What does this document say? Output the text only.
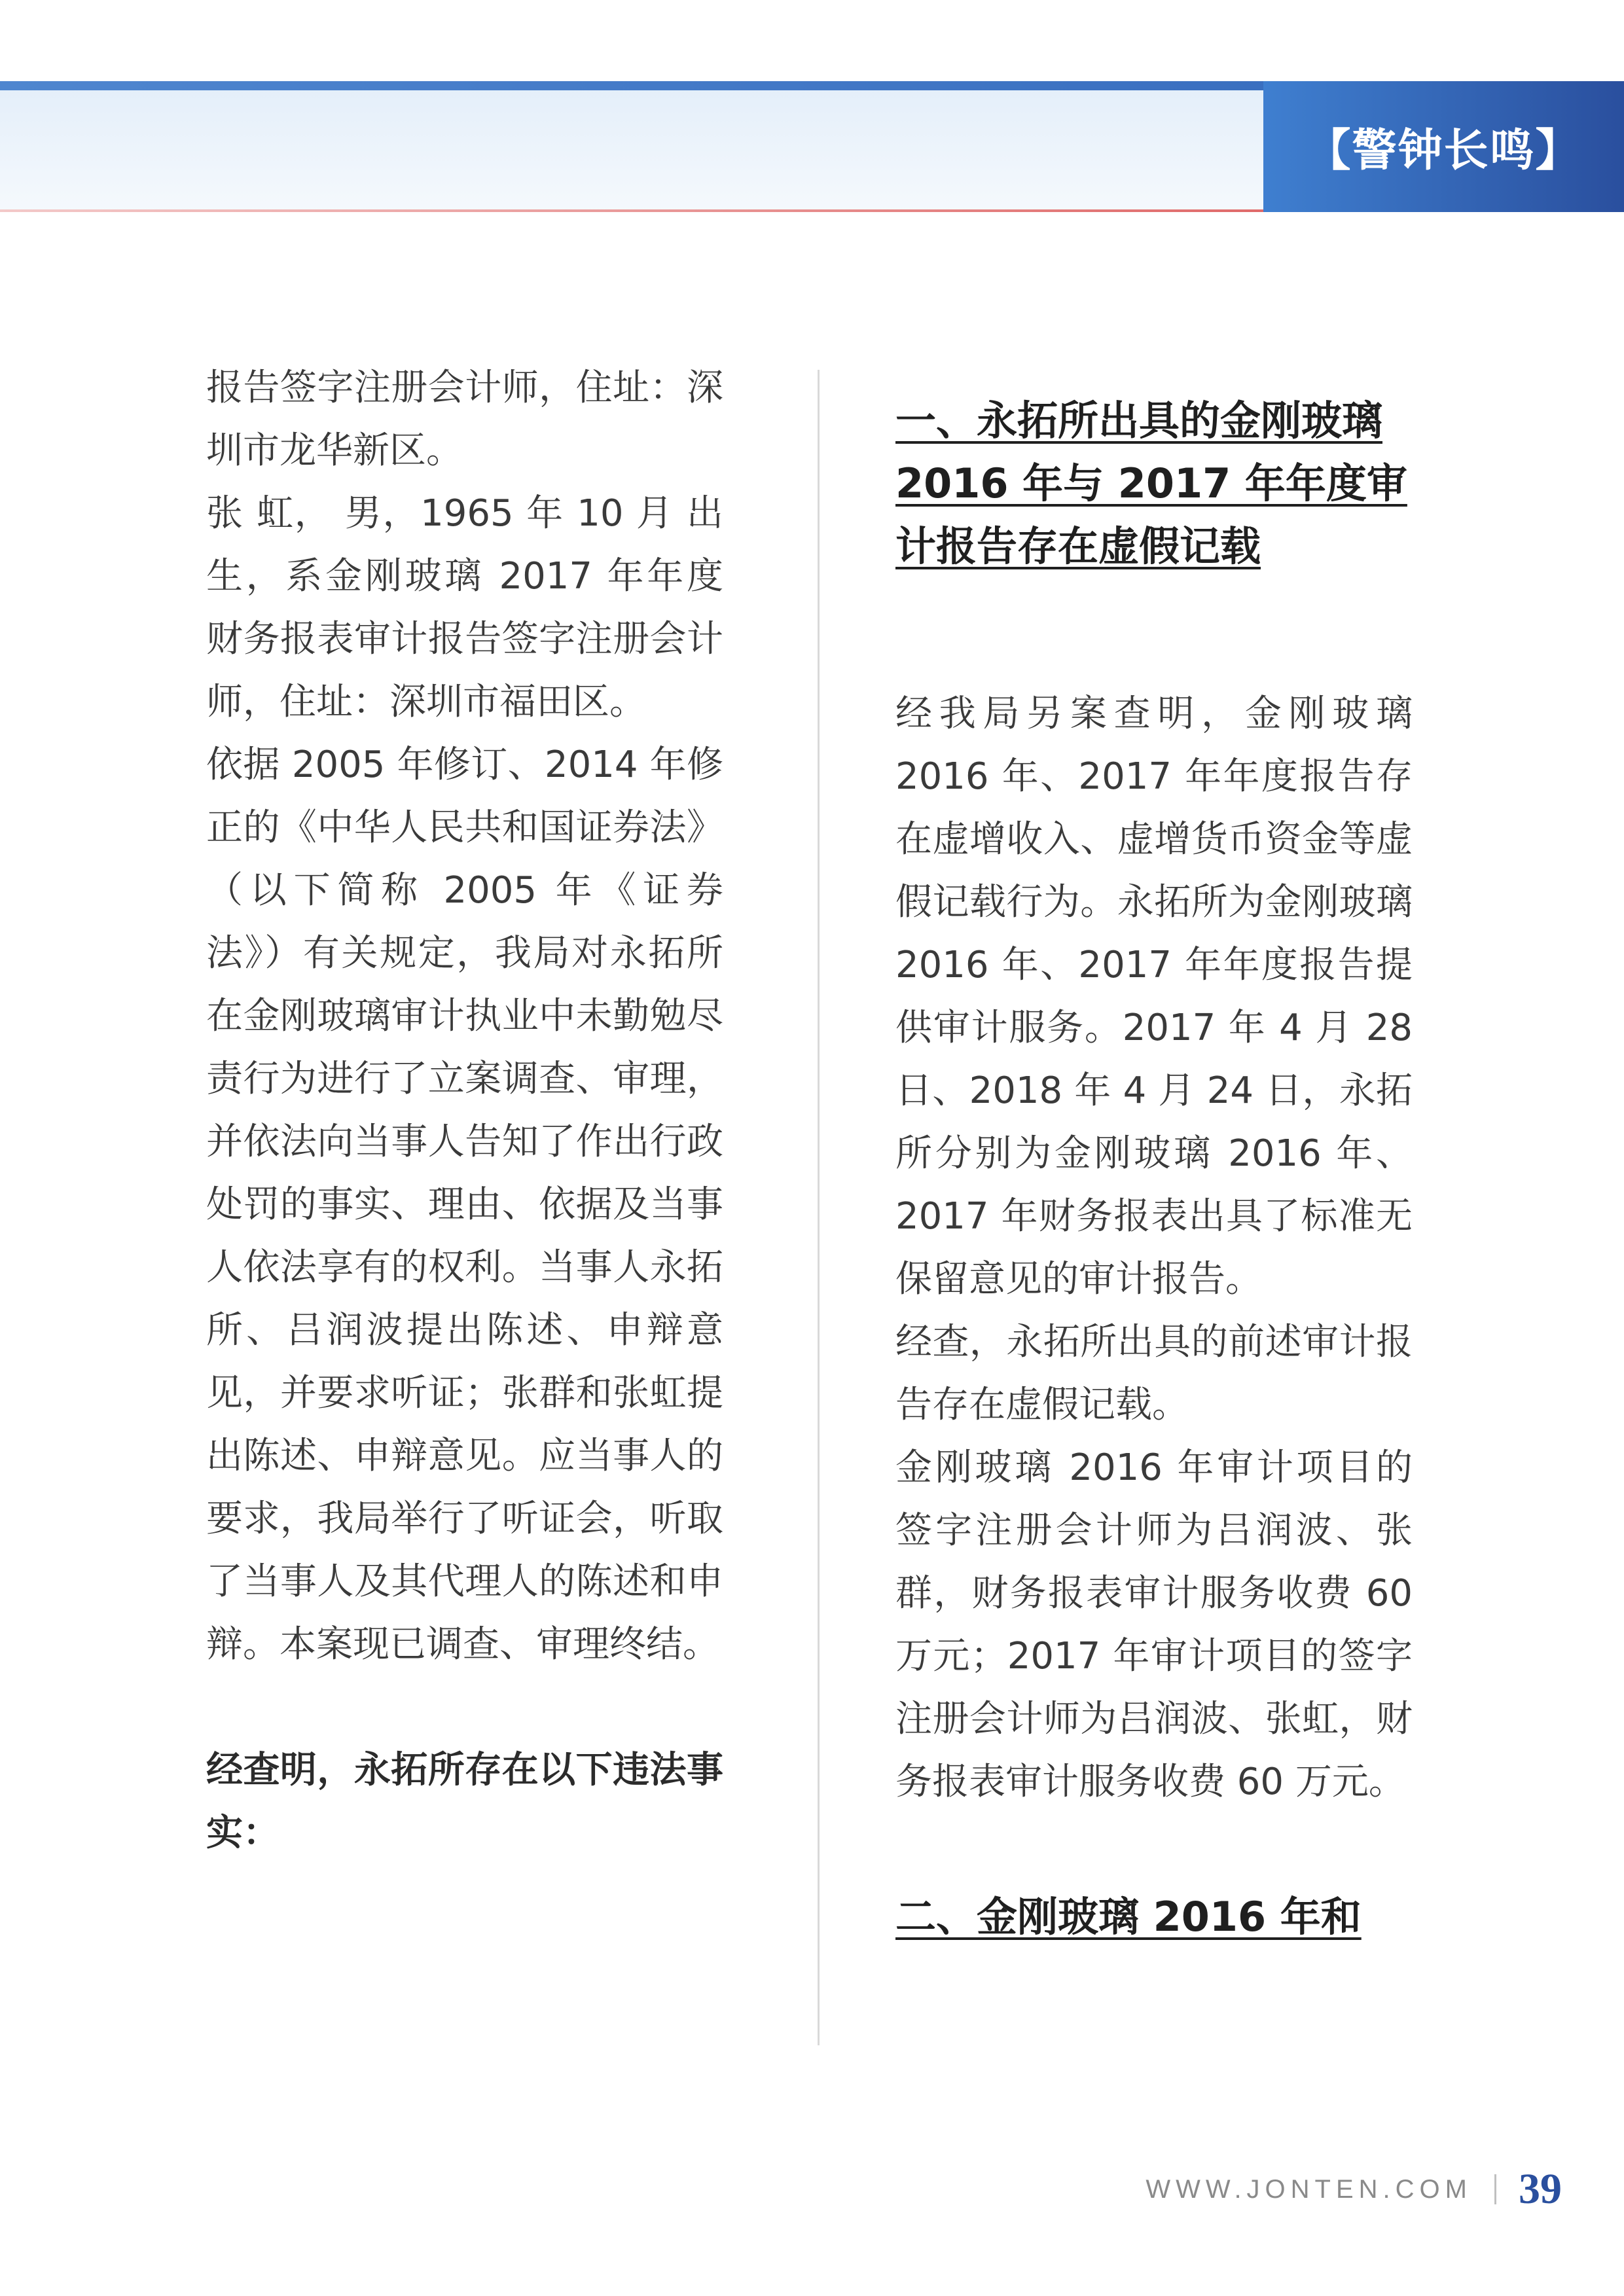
【警钟长鸣】

报告签字注册会计师，住址：深圳市龙华新区。

张 虹， 男，1965 年 10 月 出生，系金刚玻璃 2017 年年度财务报表审计报告签字注册会计师，住址：深圳市福田区。

依据 2005 年修订、2014 年修正的《中华人民共和国证券法》（以下简称 2005 年《证券法》）有关规定，我局对永拓所在金刚玻璃审计执业中未勤勉尽责行为进行了立案调查、审理，并依法向当事人告知了作出行政处罚的事实、理由、依据及当事人依法享有的权利。当事人永拓所、吕润波提出陈述、申辩意见，并要求听证；张群和张虹提出陈述、申辩意见。应当事人的要求，我局举行了听证会，听取了当事人及其代理人的陈述和申辩。本案现已调查、审理终结。

经查明，永拓所存在以下违法事实：

一、永拓所出具的金刚玻璃 2016 年与 2017 年年度审计报告存在虚假记载

经我局另案查明，金刚玻璃 2016 年、2017 年年度报告存在虚增收入、虚增货币资金等虚假记载行为。永拓所为金刚玻璃 2016 年、2017 年年度报告提供审计服务。2017 年 4 月 28 日、2018 年 4 月 24 日，永拓所分别为金刚玻璃 2016 年、2017 年财务报表出具了标准无保留意见的审计报告。

经查，永拓所出具的前述审计报告存在虚假记载。

金刚玻璃 2016 年审计项目的签字注册会计师为吕润波、张群，财务报表审计服务收费 60 万元；2017 年审计项目的签字注册会计师为吕润波、张虹，财务报表审计服务收费 60 万元。

二、金刚玻璃 2016 年和

WWW.JONTEN.COM 39
